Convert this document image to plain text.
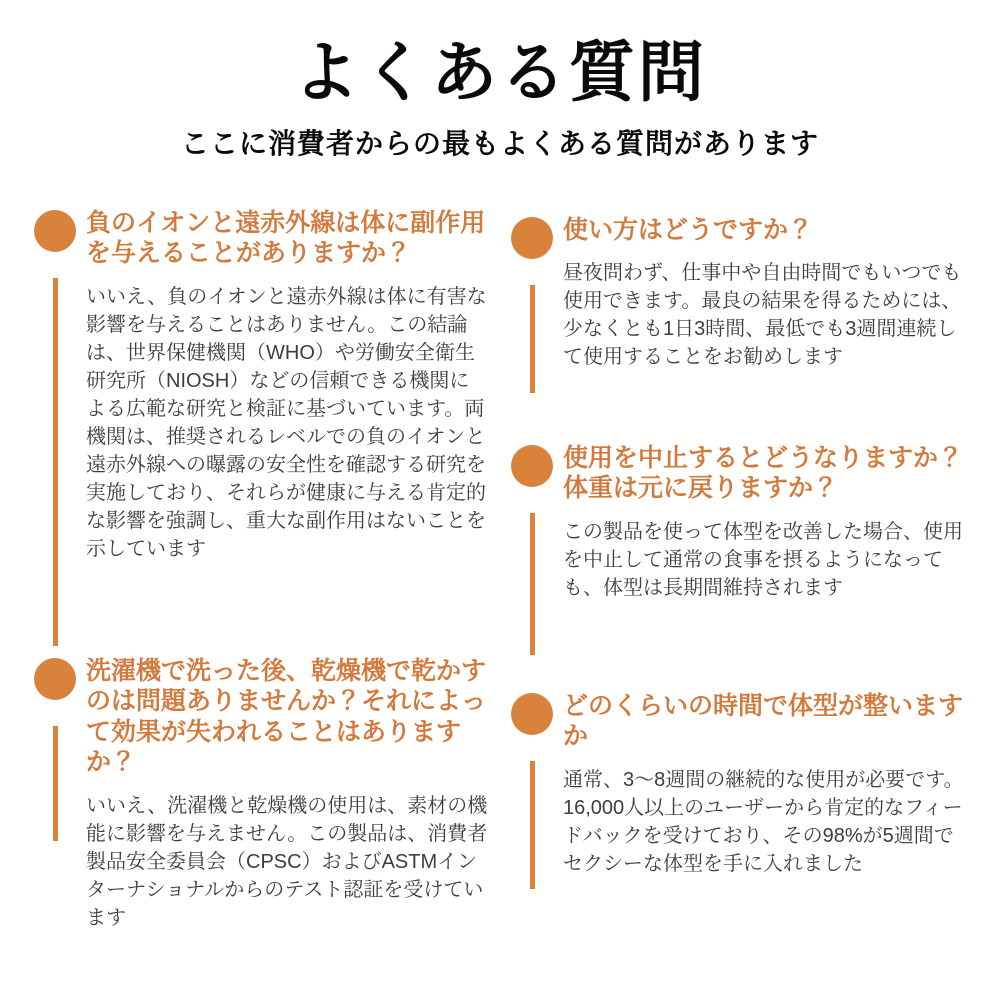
よくある質問

ここに消費者からの最もよくある質問があります

負のイオンと遠赤外線は体に副作用を与えることがありますか？

いいえ、負のイオンと遠赤外線は体に有害な影響を与えることはありません。この結論は、世界保健機関（WHO）や労働安全衛生研究所（NIOSH）などの信頼できる機関による広範な研究と検証に基づいています。両機関は、推奨されるレベルでの負のイオンと遠赤外線への曝露の安全性を確認する研究を実施しており、それらが健康に与える肯定的な影響を強調し、重大な副作用はないことを示しています

洗濯機で洗った後、乾燥機で乾かすのは問題ありませんか？それによって効果が失われることはありますか？

いいえ、洗濯機と乾燥機の使用は、素材の機能に影響を与えません。この製品は、消費者製品安全委員会（CPSC）およびASTMインターナショナルからのテスト認証を受けています

使い方はどうですか？

昼夜問わず、仕事中や自由時間でもいつでも使用できます。最良の結果を得るためには、少なくとも1日3時間、最低でも3週間連続して使用することをお勧めします

使用を中止するとどうなりますか？体重は元に戻りますか？

この製品を使って体型を改善した場合、使用を中止して通常の食事を摂るようになっても、体型は長期間維持されます

どのくらいの時間で体型が整いますか

通常、3〜8週間の継続的な使用が必要です。16,000人以上のユーザーから肯定的なフィードバックを受けており、その98%が5週間でセクシーな体型を手に入れました
